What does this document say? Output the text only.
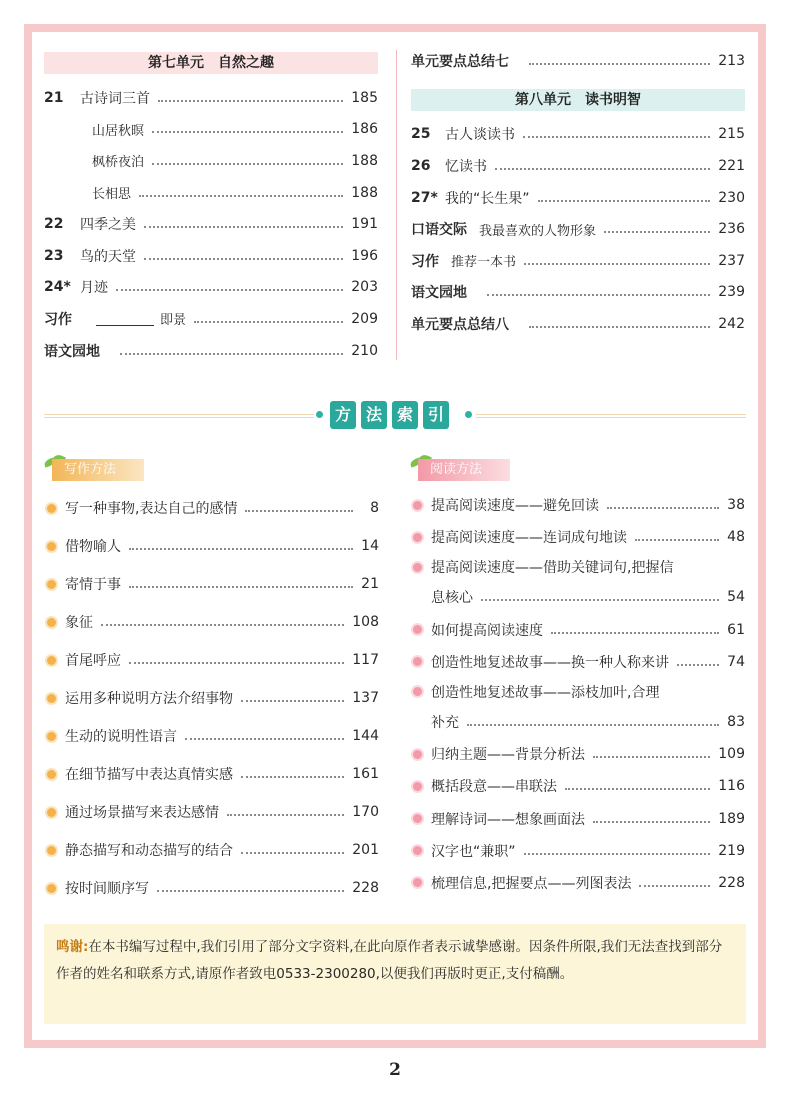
第七单元　自然之趣
21	古诗词三首	185
山居秋暝	186
枫桥夜泊	188
长相思	188
22	四季之美	191
23	鸟的天堂	196
24* 月迹	203
习作	即景	209
语文园地	210
单元要点总结七	213
第八单元　读书明智
25	古人谈读书	215
26	忆读书	221
27* 我的“长生果”	230
口语交际 我最喜欢的人物形象	236
习作 推荐一本书	237
语文园地	239
单元要点总结八	242
方 法 索 引
写作方法
写一种事物,表达自己的感情	8
借物喻人	14
寄情于事	21
象征	108
首尾呼应	117
运用多种说明方法介绍事物	137
生动的说明性语言	144
在细节描写中表达真情实感	161
通过场景描写来表达感情	170
静态描写和动态描写的结合	201
按时间顺序写	228
阅读方法
提高阅读速度——避免回读	38
提高阅读速度——连词成句地读	48
提高阅读速度——借助关键词句,把握信
息核心	54
如何提高阅读速度	61
创造性地复述故事——换一种人称来讲	74
创造性地复述故事——添枝加叶,合理
补充	83
归纳主题——背景分析法	109
概括段意——串联法	116
理解诗词——想象画面法	189
汉字也“兼职”	219
梳理信息,把握要点——列图表法	228
鸣谢:在本书编写过程中,我们引用了部分文字资料,在此向原作者表示诚挚感谢。因条件所限,我们无法查找到部分作者的姓名和联系方式,请原作者致电0533-2300280,以便我们再版时更正,支付稿酬。
2
